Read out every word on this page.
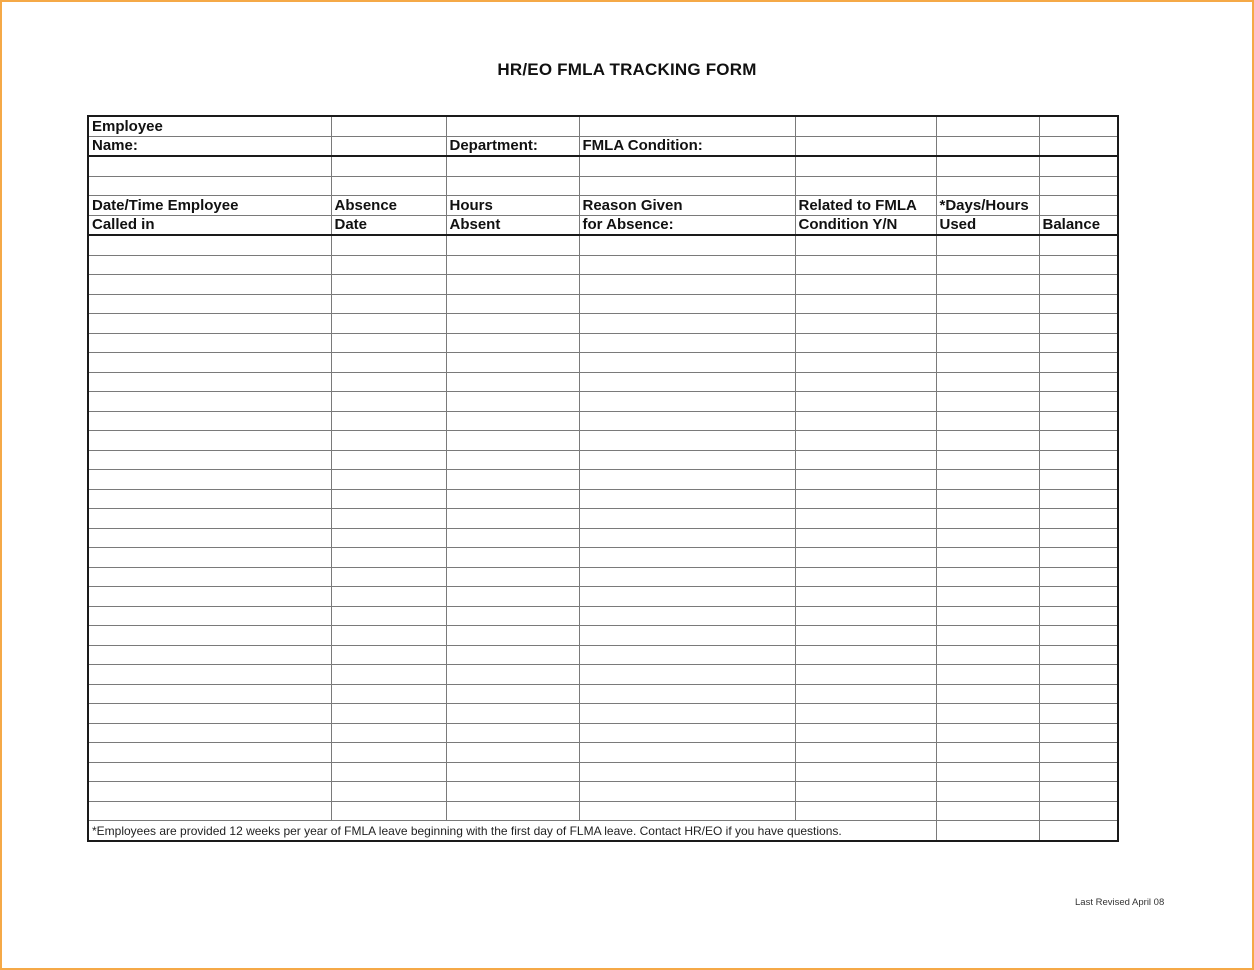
HR/EO FMLA TRACKING FORM
Employee						
Name:		Department:	FMLA Condition:			

Date/Time Employee	Absence	Hours	Reason Given	Related to FMLA	*Days/Hours	
Called in	Date	Absent	for Absence:	Condition Y/N	Used	Balance

*Employees are provided 12 weeks per year of FMLA leave beginning with the first day of FLMA leave. Contact HR/EO if you have questions.						
Last Revised April 08
